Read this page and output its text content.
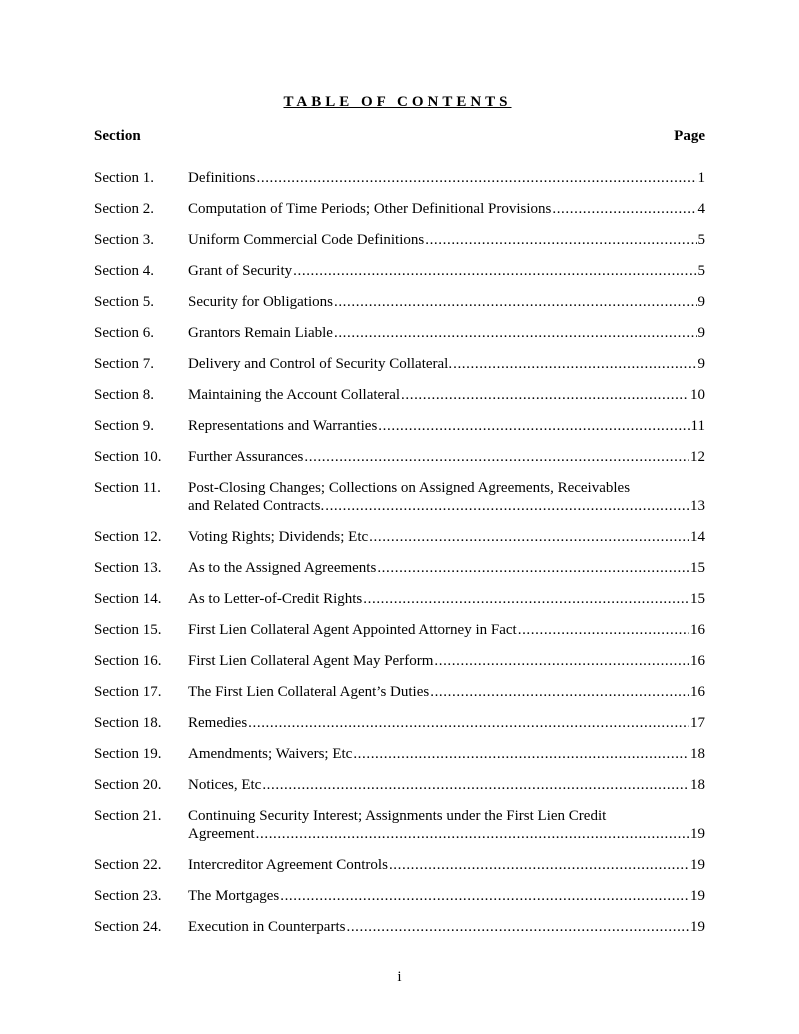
TABLE OF CONTENTS
Section	Page
Section 1.	Definitions .....	1
Section 2.	Computation of Time Periods; Other Definitional Provisions .....	4
Section 3.	Uniform Commercial Code Definitions .....	5
Section 4.	Grant of Security .....	5
Section 5.	Security for Obligations .....	9
Section 6.	Grantors Remain Liable .....	9
Section 7.	Delivery and Control of Security Collateral. .....	9
Section 8.	Maintaining the Account Collateral .....	10
Section 9.	Representations and Warranties .....	11
Section 10.	Further Assurances .....	12
Section 11.	Post-Closing Changes; Collections on Assigned Agreements, Receivables
and Related Contracts. .....	13
Section 12.	Voting Rights; Dividends; Etc .....	14
Section 13.	As to the Assigned Agreements .....	15
Section 14.	As to Letter-of-Credit Rights .....	15
Section 15.	First Lien Collateral Agent Appointed Attorney in Fact .....	16
Section 16.	First Lien Collateral Agent May Perform .....	16
Section 17.	The First Lien Collateral Agent’s Duties .....	16
Section 18.	Remedies .....	17
Section 19.	Amendments; Waivers; Etc .....	18
Section 20.	Notices, Etc .....	18
Section 21.	Continuing Security Interest; Assignments under the First Lien Credit
Agreement .....	19
Section 22.	Intercreditor Agreement Controls .....	19
Section 23.	The Mortgages .....	19
Section 24.	Execution in Counterparts .....	19
i
